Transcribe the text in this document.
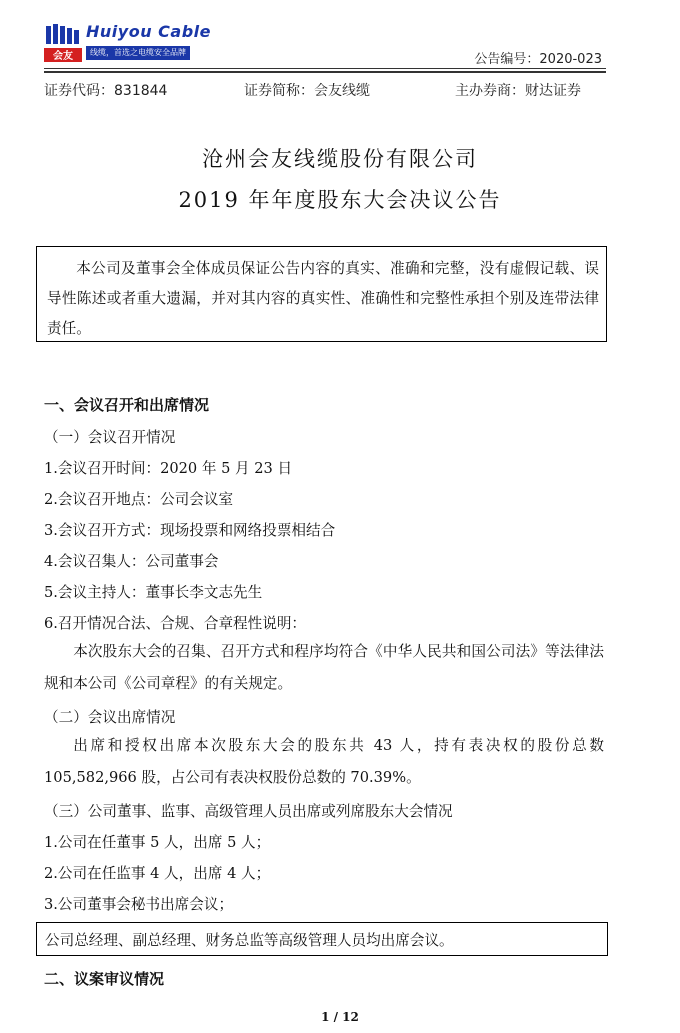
会友
Huiyou Cable
线缆，首选之电缆安全品牌	公告编号：2020-023
证券代码：831844	证券简称：会友线缆	主办券商：财达证券
沧州会友线缆股份有限公司
2019 年年度股东大会决议公告
本公司及董事会全体成员保证公告内容的真实、准确和完整，没有虚假记载、误导性陈述或者重大遗漏，并对其内容的真实性、准确性和完整性承担个别及连带法律责任。
一、会议召开和出席情况
（一）会议召开情况
1.会议召开时间：2020 年 5 月 23 日
2.会议召开地点：公司会议室
3.会议召开方式：现场投票和网络投票相结合
4.会议召集人：公司董事会
5.会议主持人：董事长李文志先生
6.召开情况合法、合规、合章程性说明：
本次股东大会的召集、召开方式和程序均符合《中华人民共和国公司法》等法律法规和本公司《公司章程》的有关规定。
（二）会议出席情况
出席和授权出席本次股东大会的股东共 43 人，持有表决权的股份总数105,582,966 股，占公司有表决权股份总数的 70.39%。
（三）公司董事、监事、高级管理人员出席或列席股东大会情况
1.公司在任董事 5 人，出席 5 人；
2.公司在任监事 4 人，出席 4 人；
3.公司董事会秘书出席会议；
公司总经理、副总经理、财务总监等高级管理人员均出席会议。
二、议案审议情况
1 / 12
